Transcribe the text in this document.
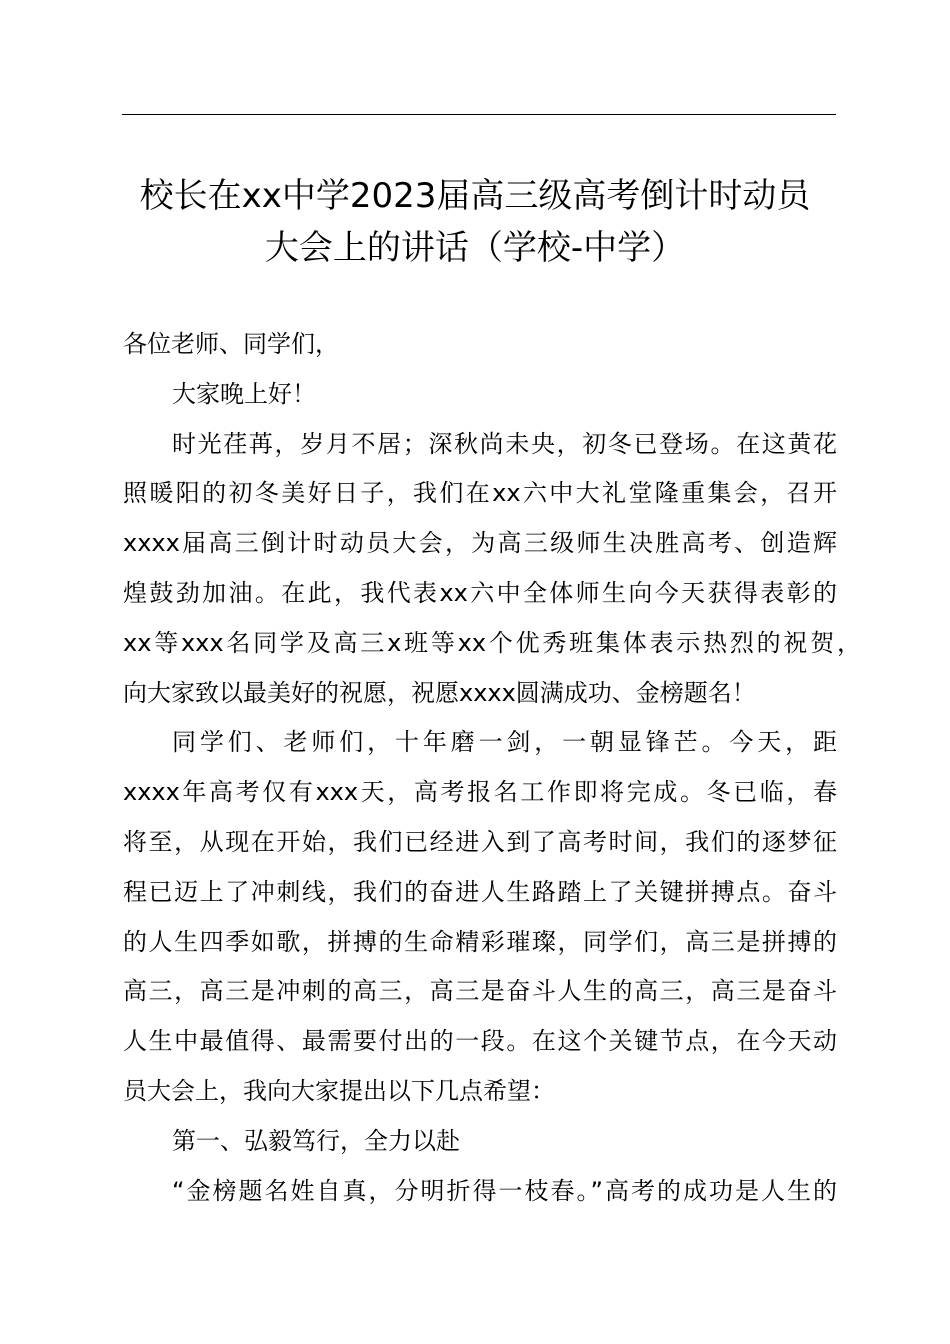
校长在xx中学2023届高三级高考倒计时动员
大会上的讲话（学校-中学）
各位老师、同学们，
大家晚上好！
时光荏苒，岁月不居；深秋尚未央，初冬已登场。在这黄花
照暖阳的初冬美好日子，我们在xx六中大礼堂隆重集会，召开
xxxx届高三倒计时动员大会，为高三级师生决胜高考、创造辉
煌鼓劲加油。在此，我代表xx六中全体师生向今天获得表彰的
xx等xxx名同学及高三x班等xx个优秀班集体表示热烈的祝贺，
向大家致以最美好的祝愿，祝愿xxxx圆满成功、金榜题名！
同学们、老师们，十年磨一剑，一朝显锋芒。今天，距
xxxx年高考仅有xxx天，高考报名工作即将完成。冬已临，春
将至，从现在开始，我们已经进入到了高考时间，我们的逐梦征
程已迈上了冲刺线，我们的奋进人生路踏上了关键拼搏点。奋斗
的人生四季如歌，拼搏的生命精彩璀璨，同学们，高三是拼搏的
高三，高三是冲刺的高三，高三是奋斗人生的高三，高三是奋斗
人生中最值得、最需要付出的一段。在这个关键节点，在今天动
员大会上，我向大家提出以下几点希望：
第一、弘毅笃行，全力以赴
“金榜题名姓自真，分明折得一枝春。”高考的成功是人生的
